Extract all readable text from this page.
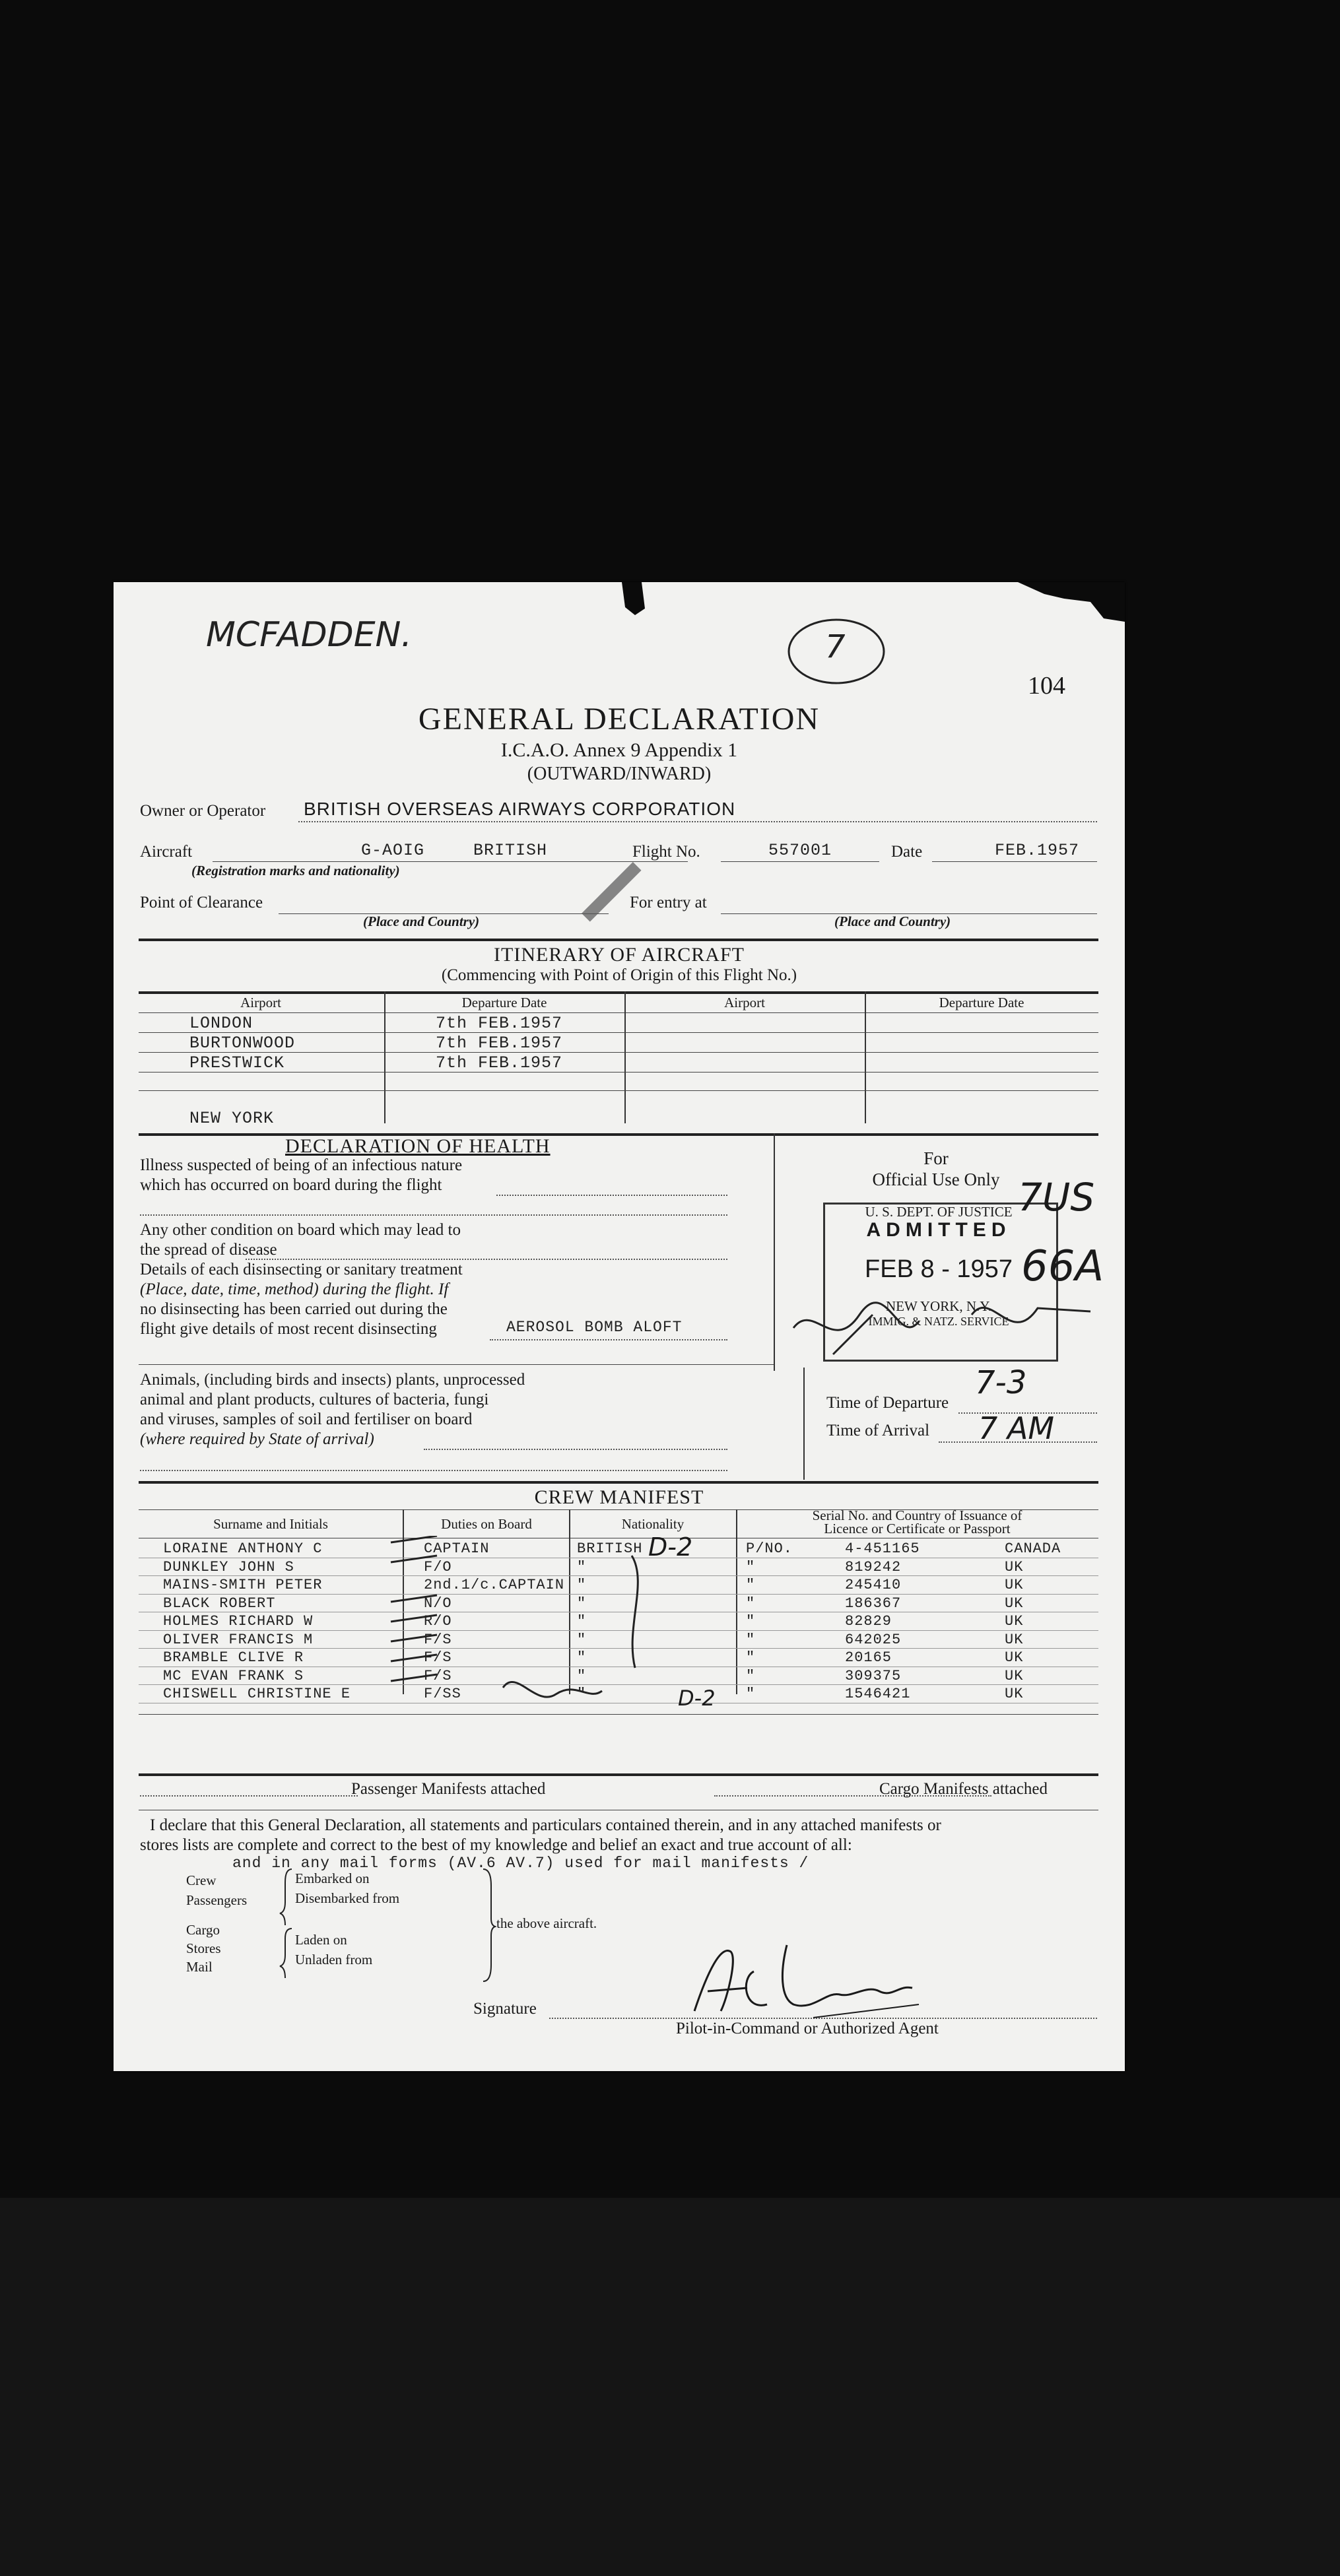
MCFADDEN.	7
104
GENERAL DECLARATION
I.C.A.O. Annex 9 Appendix 1
(OUTWARD/INWARD)
Owner or Operator BRITISH OVERSEAS AIRWAYS CORPORATION
Aircraft	G-AOIG	BRITISH
(Registration marks and nationality)
Flight No.	557001	Date	FEB.1957
Point of Clearance
(Place and Country)
For entry at
(Place and Country)
ITINERARY OF AIRCRAFT
(Commencing with Point of Origin of this Flight No.)
Airport	Departure Date	Airport	Departure Date
LONDON	7th FEB.1957
BURTONWOOD	7th FEB.1957
PRESTWICK	7th FEB.1957
NEW YORK
DECLARATION OF HEALTH
Illness suspected of being of an infectious nature
which has occurred on board during the flight
Any other condition on board which may lead to
the spread of disease
Details of each disinsecting or sanitary treatment
(Place, date, time, method) during the flight. If
no disinsecting has been carried out during the
flight give details of most recent disinsecting	AEROSOL BOMB ALOFT
For
Official Use Only
U. S. DEPT. OF JUSTICE
ADMITTED
FEB 8 - 1957
NEW YORK, N.Y.
IMMIG. & NATZ. SERVICE
7US
66A
Animals, (including birds and insects) plants, unprocessed
animal and plant products, cultures of bacteria, fungi
and viruses, samples of soil and fertiliser on board
(where required by State of arrival)
Time of Departure
7-3
Time of Arrival 7 AM
CREW MANIFEST
Surname and Initials	Duties on Board	Nationality
Serial No. and Country of Issuance of
Licence or Certificate or Passport
LORAINE ANTHONY C	CAPTAIN	BRITISH	P/NO.	4-451165	CANADA
DUNKLEY JOHN S	F/O	"	"	819242	UK
MAINS-SMITH PETER	2nd.1/c.CAPTAIN "	"	245410	UK
BLACK ROBERT	N/O	"	"	186367	UK
HOLMES RICHARD W	R/O	"	"	82829	UK
OLIVER FRANCIS M	F/S	"	"	642025	UK
BRAMBLE CLIVE R	F/S	"	"	20165	UK
MC EVAN FRANK S	F/S	"	"	309375	UK
CHISWELL CHRISTINE E	F/SS	"	"	1546421	UK
D-2
D-2
Passenger Manifests attached	Cargo Manifests attached
I declare that this General Declaration, all statements and particulars contained therein, and in any attached manifests or
stores lists are complete and correct to the best of my knowledge and belief an exact and true account of all:
and in any mail forms (AV.6 AV.7) used for mail manifests /
Crew
Passengers
Embarked on
Disembarked from
Cargo
Stores
Mail
Laden on
Unladen from
the above aircraft.
Signature
Pilot-in-Command or Authorized Agent
